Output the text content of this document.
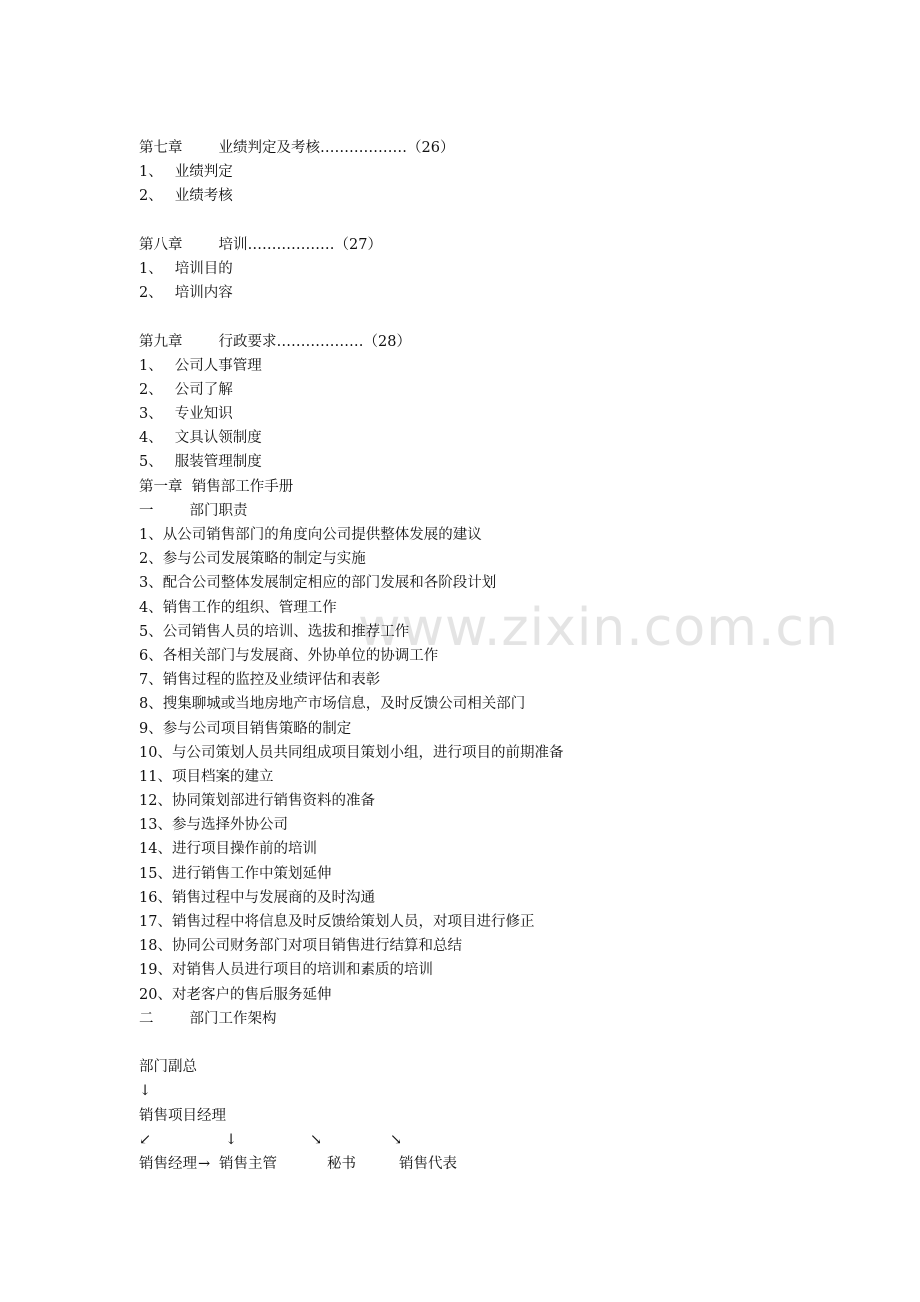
www.zixin.com.cn
第七章 业绩判定及考核………………（26）
1、 业绩判定
2、 业绩考核
第八章 培训………………（27）
1、 培训目的
2、 培训内容
第九章 行政要求………………（28）
1、 公司人事管理
2、 公司了解
3、 专业知识
4、 文具认领制度
5、 服装管理制度
第一章  销售部工作手册
一 部门职责
1、从公司销售部门的角度向公司提供整体发展的建议
2、参与公司发展策略的制定与实施
3、配合公司整体发展制定相应的部门发展和各阶段计划
4、销售工作的组织、管理工作
5、公司销售人员的培训、选拔和推荐工作
6、各相关部门与发展商、外协单位的协调工作
7、销售过程的监控及业绩评估和表彰
8、搜集聊城或当地房地产市场信息，及时反馈公司相关部门
9、参与公司项目销售策略的制定
10、与公司策划人员共同组成项目策划小组，进行项目的前期准备
11、项目档案的建立
12、协同策划部进行销售资料的准备
13、参与选择外协公司
14、进行项目操作前的培训
15、进行销售工作中策划延伸
16、销售过程中与发展商的及时沟通
17、销售过程中将信息及时反馈给策划人员，对项目进行修正
18、协同公司财务部门对项目销售进行结算和总结
19、对销售人员进行项目的培训和素质的培训
20、对老客户的售后服务延伸
二 部门工作架构
部门副总
↓
销售项目经理
↙	↓	↘	↘
销售经理 → 销售主管	秘书	销售代表
